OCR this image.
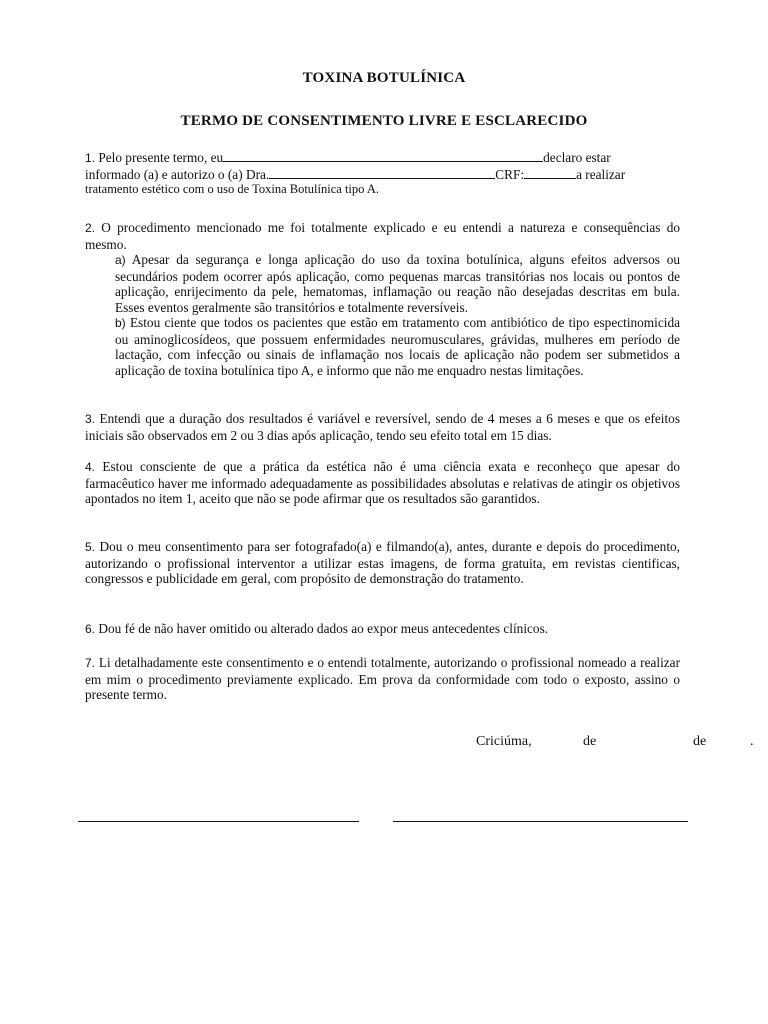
TOXINA BOTULÍNICA
TERMO DE CONSENTIMENTO LIVRE E ESCLARECIDO
1. Pelo presente termo, eu	declaro estar
informado (a) e autorizo o (a) Dra.	CRF:	a realizar
tratamento estético com o uso de Toxina Botulínica tipo A.
2. O procedimento mencionado me foi totalmente explicado e eu entendi a natureza e consequências do mesmo.
a) Apesar da segurança e longa aplicação do uso da toxina botulínica, alguns efeitos adversos ou secundários podem ocorrer após aplicação, como pequenas marcas transitórias nos locais ou pontos de aplicação, enrijecimento da pele, hematomas, inflamação ou reação não desejadas descritas em bula. Esses eventos geralmente são transitórios e totalmente reversíveis.
b) Estou ciente que todos os pacientes que estão em tratamento com antibiótico de tipo espectinomicida ou aminoglicosídeos, que possuem enfermidades neuromusculares, grávidas, mulheres em período de lactação, com infecção ou sinais de inflamação nos locais de aplicação não podem ser submetidos a aplicação de toxina botulínica tipo A, e informo que não me enquadro nestas limitações.
3. Entendi que a duração dos resultados é variável e reversível, sendo de 4 meses a 6 meses e que os efeitos iniciais são observados em 2 ou 3 dias após aplicação, tendo seu efeito total em 15 dias.
4. Estou consciente de que a prática da estética não é uma ciência exata e reconheço que apesar do farmacêutico haver me informado adequadamente as possibilidades absolutas e relativas de atingir os objetivos apontados no item 1, aceito que não se pode afirmar que os resultados são garantidos.
5. Dou o meu consentimento para ser fotografado(a) e filmando(a), antes, durante e depois do procedimento, autorizando o profissional interventor a utilizar estas imagens, de forma gratuita, em revistas cientificas, congressos e publicidade em geral, com propósito de demonstração do tratamento.
6. Dou fé de não haver omitido ou alterado dados ao expor meus antecedentes clínicos.
7. Li detalhadamente este consentimento e o entendi totalmente, autorizando o profissional nomeado a realizar em mim o procedimento previamente explicado. Em prova da conformidade com todo o exposto, assino o presente termo.
Criciúma,	de	de	.
